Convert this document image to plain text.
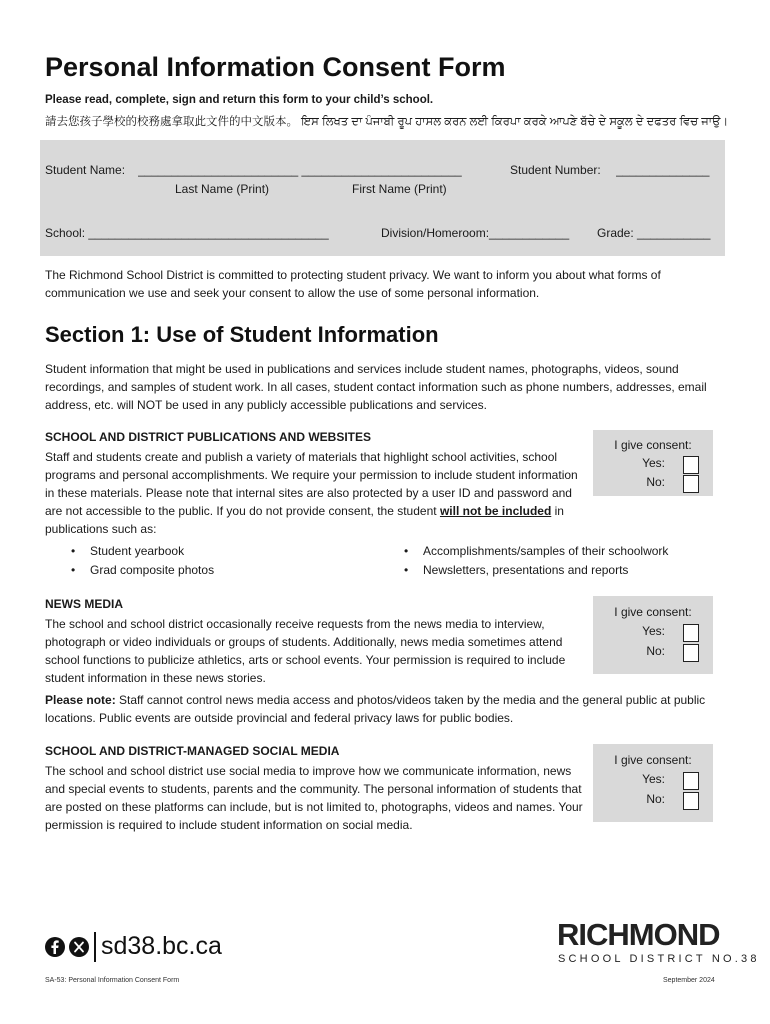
Personal Information Consent Form
Please read, complete, sign and return this form to your child’s school.
請去您孩子學校的校務處拿取此文件的中文版本。 ਇਸ ਲਿਖਤ ਦਾ ਪੰਜਾਬੀ ਰੂਪ ਹਾਸਲ ਕਰਨ ਲਈ ਕਿਰਪਾ ਕਰਕੇ ਆਪਣੇ ਬੱਚੇ ਦੇ ਸਕੂਲ ਦੇ ਦਫਤਰ ਵਿਚ ਜਾਉ।
Student Name: ________________________ ________________________	Student Number: ______________
Last Name (Print)	First Name (Print)
School: ____________________________________	Division/Homeroom:____________	Grade: ___________
The Richmond School District is committed to protecting student privacy. We want to inform you about what forms of communication we use and seek your consent to allow the use of some personal information.
Section 1: Use of Student Information
Student information that might be used in publications and services include student names, photographs, videos, sound recordings, and samples of student work. In all cases, student contact information such as phone numbers, addresses, email address, etc. will NOT be used in any publicly accessible publications and services.
SCHOOL AND DISTRICT PUBLICATIONS AND WEBSITES
Staff and students create and publish a variety of materials that highlight school activities, school programs and personal accomplishments. We require your permission to include student information in these materials. Please note that internal sites are also protected by a user ID and password and are not accessible to the public. If you do not provide consent, the student will not be included in publications such as:
I give consent:
Yes:
No:
• Student yearbook
• Grad composite photos
• Accomplishments/samples of their schoolwork
• Newsletters, presentations and reports
NEWS MEDIA
The school and school district occasionally receive requests from the news media to interview, photograph or video individuals or groups of students. Additionally, news media sometimes attend school functions to publicize athletics, arts or school events. Your permission is required to include student information in these news stories.
I give consent:
Yes:
No:
Please note: Staff cannot control news media access and photos/videos taken by the media and the general public at public locations. Public events are outside provincial and federal privacy laws for public bodies.
SCHOOL AND DISTRICT-MANAGED SOCIAL MEDIA
The school and school district use social media to improve how we communicate information, news and special events to students, parents and the community. The personal information of students that are posted on these platforms can include, but is not limited to, photographs, videos and names. Your permission is required to include student information on social media.
I give consent:
Yes:
No:
sd38.bc.ca	RICHMOND
SCHOOL DISTRICT NO.38
SA-53: Personal Information Consent Form	September 2024
